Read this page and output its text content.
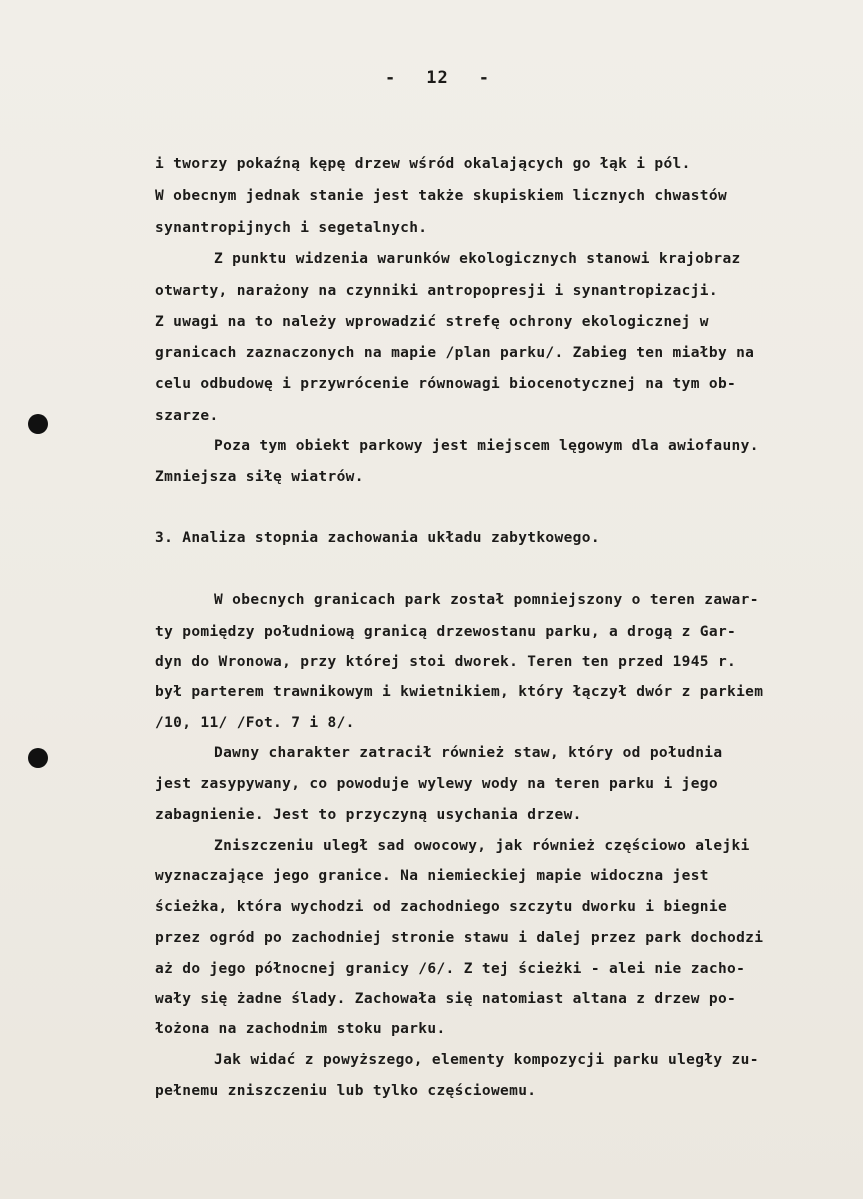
- 12 -
i tworzy pokaźną kępę drzew wśród okalających go łąk i pól.
W obecnym jednak stanie jest także skupiskiem licznych chwastów
synantropijnych i segetalnych.
Z punktu widzenia warunków ekologicznych stanowi krajobraz
otwarty, narażony na czynniki antropopresji i synantropizacji.
Z uwagi na to należy wprowadzić strefę ochrony ekologicznej w
granicach zaznaczonych na mapie /plan parku/. Zabieg ten miałby na
celu odbudowę i przywrócenie równowagi biocenotycznej na tym ob-
szarze.
Poza tym obiekt parkowy jest miejscem lęgowym dla awiofauny.
Zmniejsza siłę wiatrów.
3. Analiza stopnia zachowania układu zabytkowego.
W obecnych granicach park został pomniejszony o teren zawar-
ty pomiędzy południową granicą drzewostanu parku, a drogą z Gar-
dyn do Wronowa, przy której stoi dworek. Teren ten przed 1945 r.
był parterem trawnikowym i kwietnikiem, który łączył dwór z parkiem
/10, 11/ /Fot. 7 i 8/.
Dawny charakter zatracił również staw, który od południa
jest zasypywany, co powoduje wylewy wody na teren parku i jego
zabagnienie. Jest to przyczyną usychania drzew.
Zniszczeniu uległ sad owocowy, jak również częściowo alejki
wyznaczające jego granice. Na niemieckiej mapie widoczna jest
ścieżka, która wychodzi od zachodniego szczytu dworku i biegnie
przez ogród po zachodniej stronie stawu i dalej przez park dochodzi
aż do jego północnej granicy /6/. Z tej ścieżki - alei nie zacho-
wały się żadne ślady. Zachowała się natomiast altana z drzew po-
łożona na zachodnim stoku parku.
Jak widać z powyższego, elementy kompozycji parku uległy zu-
pełnemu zniszczeniu lub tylko częściowemu.
